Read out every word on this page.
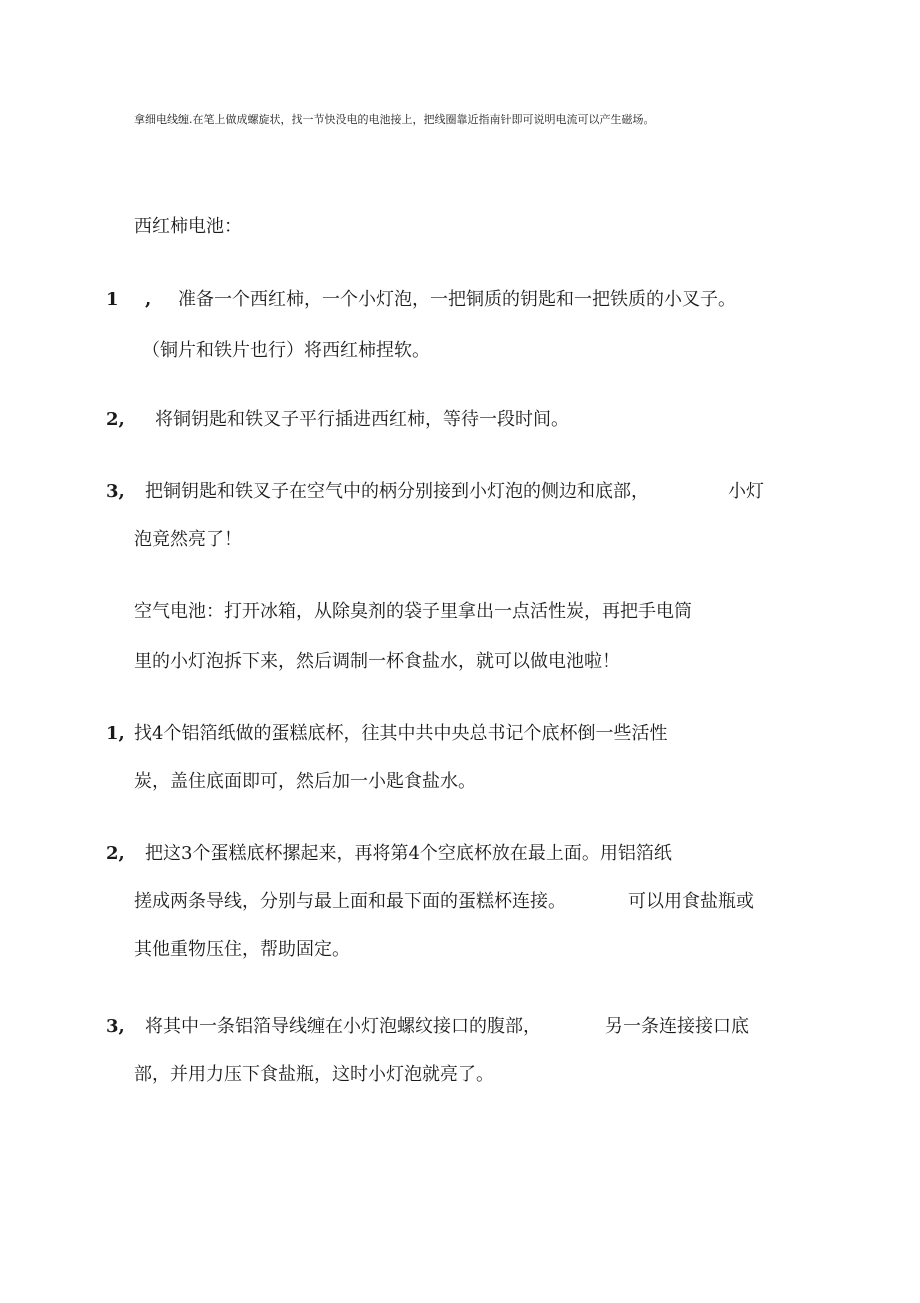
拿细电线缠.在笔上做成螺旋状，找一节快没电的电池接上，把线圈靠近指南针即可说明电流可以产生磁场。
西红柿电池：
1 , 准备一个西红柿，一个小灯泡，一把铜质的钥匙和一把铁质的小叉子。
（铜片和铁片也行）将西红柿捏软。
2, 将铜钥匙和铁叉子平行插进西红柿，等待一段时间。
3, 把铜钥匙和铁叉子在空气中的柄分别接到小灯泡的侧边和底部，	小灯
泡竟然亮了！
空气电池：打开冰箱，从除臭剂的袋子里拿出一点活性炭，再把手电筒
里的小灯泡拆下来，然后调制一杯食盐水，就可以做电池啦！
1, 找4个铝箔纸做的蛋糕底杯，往其中共中央总书记个底杯倒一些活性
炭，盖住底面即可，然后加一小匙食盐水。
2, 把这3个蛋糕底杯摞起来，再将第4个空底杯放在最上面。用铝箔纸
搓成两条导线，分别与最上面和最下面的蛋糕杯连接。	可以用食盐瓶或
其他重物压住，帮助固定。
3, 将其中一条铝箔导线缠在小灯泡螺纹接口的腹部，	另一条连接接口底
部，并用力压下食盐瓶，这时小灯泡就亮了。
